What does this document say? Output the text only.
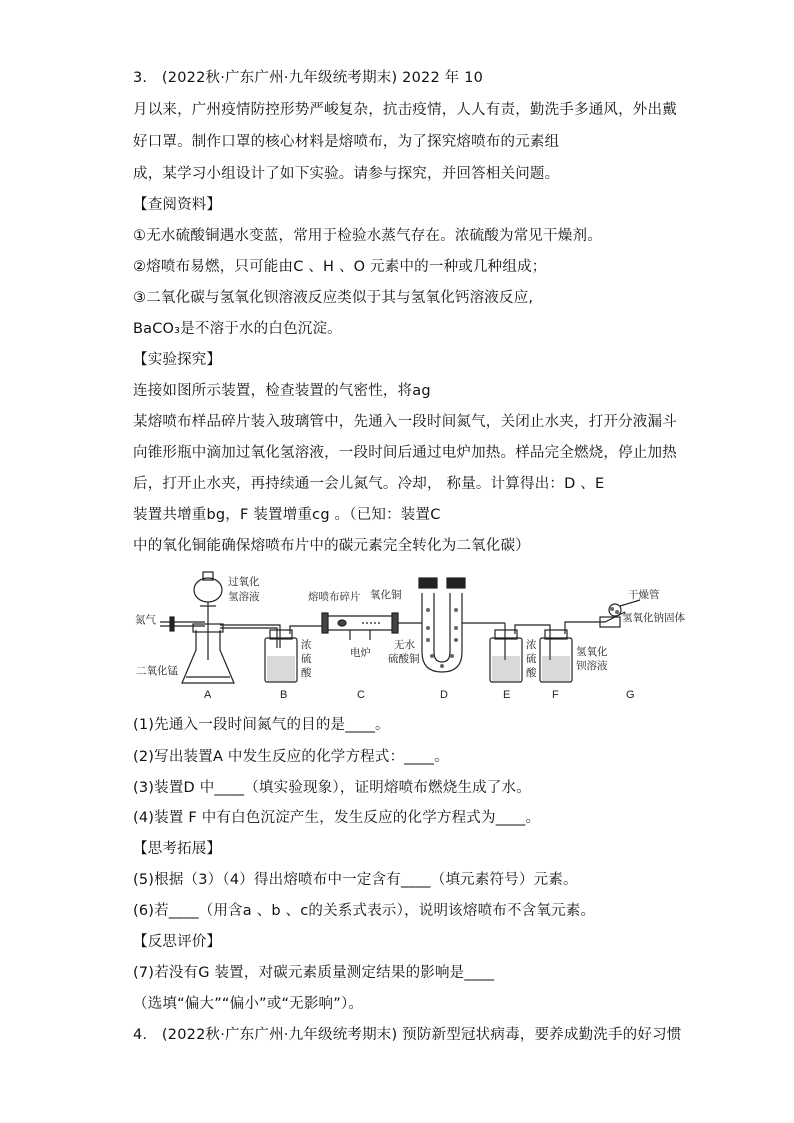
3.　(2022秋·广东广州·九年级统考期末) 2022 年 10
月以来，广州疫情防控形势严峻复杂，抗击疫情，人人有责，勤洗手多通风，外出戴
好口罩。制作口罩的核心材料是熔喷布，为了探究熔喷布的元素组
成，某学习小组设计了如下实验。请参与探究，并回答相关问题。
【查阅资料】
①无水硫酸铜遇水变蓝，常用于检验水蒸气存在。浓硫酸为常见干燥剂。
②熔喷布易燃，只可能由C 、H 、O 元素中的一种或几种组成；
③二氧化碳与氢氧化钡溶液反应类似于其与氢氧化钙溶液反应,
BaCO₃是不溶于水的白色沉淀。
【实验探究】
连接如图所示装置，检查装置的气密性，将ag
某熔喷布样品碎片装入玻璃管中，先通入一段时间氮气，关闭止水夹，打开分液漏斗
向锥形瓶中滴加过氧化氢溶液，一段时间后通过电炉加热。样品完全燃烧，停止加热
后，打开止水夹，再持续通一会儿氮气。冷却， 称量。计算得出：D 、E
装置共增重bg，F 装置增重cg 。（已知：装置C
中的氧化铜能确保熔喷布片中的碳元素完全转化为二氧化碳）
(1)先通入一段时间氮气的目的是____。
(2)写出装置A 中发生反应的化学方程式：____。
(3)装置D 中____（填实验现象），证明熔喷布燃烧生成了水。
(4)装置 F 中有白色沉淀产生，发生反应的化学方程式为____。
【思考拓展】
(5)根据（3）（4）得出熔喷布中一定含有____（填元素符号）元素。
(6)若____（用含a 、b 、c的关系式表示），说明该熔喷布不含氧元素。
【反思评价】
(7)若没有G 装置，对碳元素质量测定结果的影响是____
（选填“偏大”“偏小”或“无影响”）。
4.　(2022秋·广东广州·九年级统考期末) 预防新型冠状病毒，要养成勤洗手的好习惯
过氧化
氢溶液
氮气
二氧化锰
熔喷布碎片 氧化铜
浓
硫
酸
电炉
无水
硫酸铜
浓
硫
酸
氢氧化
钡溶液
干燥管
氢氧化钠固体
A	B	C	D	E	F	G
